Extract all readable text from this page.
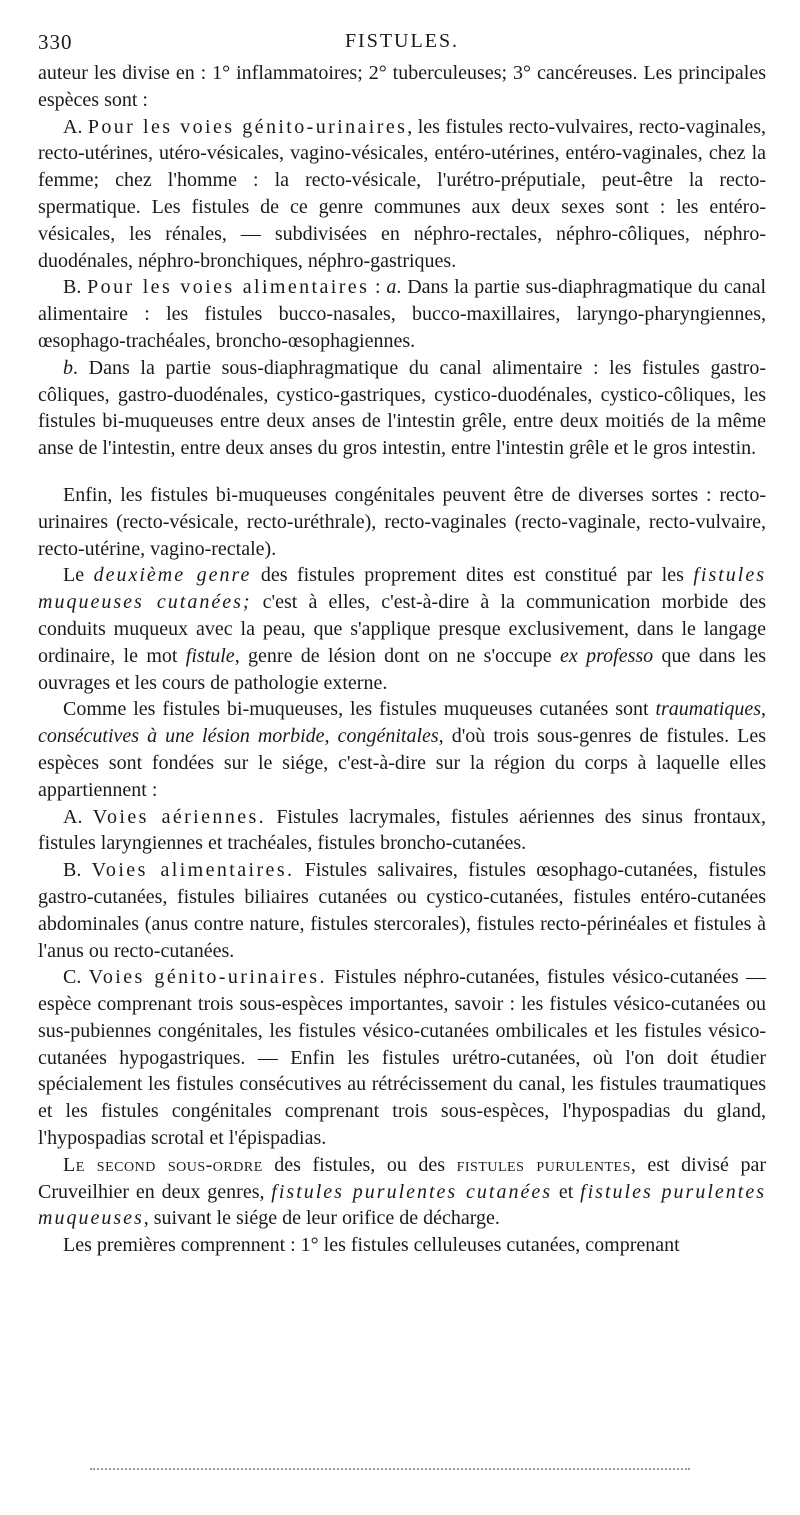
330	FISTULES.

auteur les divise en : 1° inflammatoires; 2° tuberculeuses; 3° cancéreuses. Les principales espèces sont :

A. Pour les voies génito-urinaires, les fistules recto-vulvaires, recto-vaginales, recto-utérines, utéro-vésicales, vagino-vésicales, entéro-utérines, entéro-vaginales, chez la femme; chez l'homme : la recto-vésicale, l'urétro-préputiale, peut-être la recto-spermatique. Les fistules de ce genre communes aux deux sexes sont : les entéro-vésicales, les rénales, — subdivisées en néphro-rectales, néphro-côliques, néphro-duodénales, néphro-bronchiques, néphro-gastriques.

B. Pour les voies alimentaires : a. Dans la partie sus-diaphragmatique du canal alimentaire : les fistules bucco-nasales, bucco-maxillaires, laryngo-pharyngiennes, œsophago-trachéales, broncho-œsophagiennes.

b. Dans la partie sous-diaphragmatique du canal alimentaire : les fistules gastro-côliques, gastro-duodénales, cystico-gastriques, cystico-duodénales, cystico-côliques, les fistules bi-muqueuses entre deux anses de l'intestin grêle, entre deux moitiés de la même anse de l'intestin, entre deux anses du gros intestin, entre l'intestin grêle et le gros intestin.

Enfin, les fistules bi-muqueuses congénitales peuvent être de diverses sortes : recto-urinaires (recto-vésicale, recto-uréthrale), recto-vaginales (recto-vaginale, recto-vulvaire, recto-utérine, vagino-rectale).

Le deuxième genre des fistules proprement dites est constitué par les fistules muqueuses cutanées; c'est à elles, c'est-à-dire à la communication morbide des conduits muqueux avec la peau, que s'applique presque exclusivement, dans le langage ordinaire, le mot fistule, genre de lésion dont on ne s'occupe ex professo que dans les ouvrages et les cours de pathologie externe.

Comme les fistules bi-muqueuses, les fistules muqueuses cutanées sont traumatiques, consécutives à une lésion morbide, congénitales, d'où trois sous-genres de fistules. Les espèces sont fondées sur le siége, c'est-à-dire sur la région du corps à laquelle elles appartiennent :

A. Voies aériennes. Fistules lacrymales, fistules aériennes des sinus frontaux, fistules laryngiennes et trachéales, fistules broncho-cutanées.

B. Voies alimentaires. Fistules salivaires, fistules œsophago-cutanées, fistules gastro-cutanées, fistules biliaires cutanées ou cystico-cutanées, fistules entéro-cutanées abdominales (anus contre nature, fistules stercorales), fistules recto-périnéales et fistules à l'anus ou recto-cutanées.

C. Voies génito-urinaires. Fistules néphro-cutanées, fistules vésico-cutanées — espèce comprenant trois sous-espèces importantes, savoir : les fistules vésico-cutanées ou sus-pubiennes congénitales, les fistules vésico-cutanées ombilicales et les fistules vésico-cutanées hypogastriques. — Enfin les fistules urétro-cutanées, où l'on doit étudier spécialement les fistules consécutives au rétrécissement du canal, les fistules traumatiques et les fistules congénitales comprenant trois sous-espèces, l'hypospadias du gland, l'hypospadias scrotal et l'épispadias.

Le second sous-ordre des fistules, ou des fistules purulentes, est divisé par Cruveilhier en deux genres, fistules purulentes cutanées et fistules purulentes muqueuses, suivant le siége de leur orifice de décharge.

Les premières comprennent : 1° les fistules celluleuses cutanées, comprenant
